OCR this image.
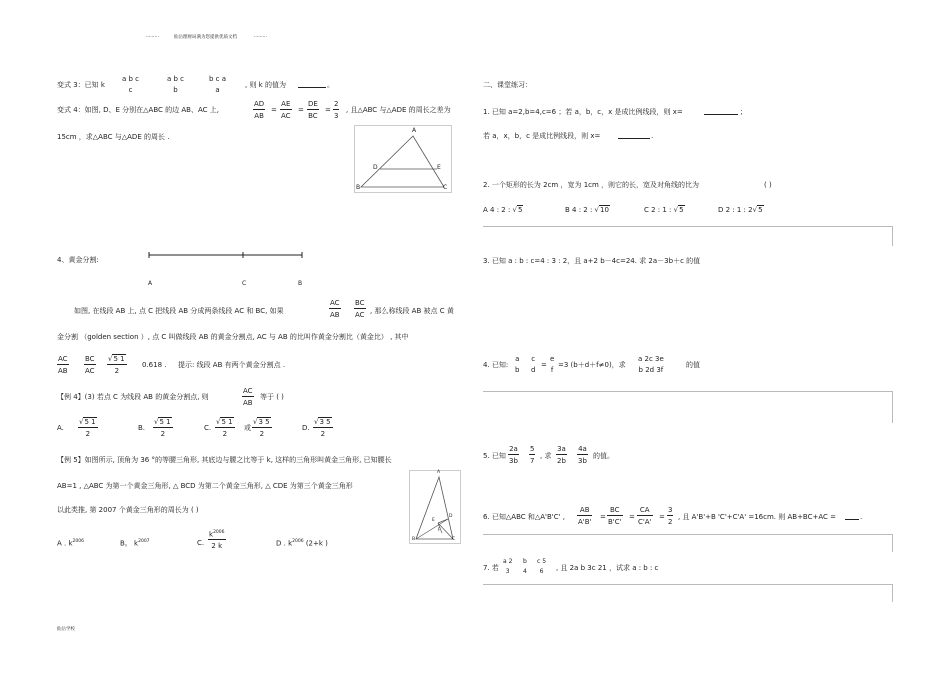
·········	仙岳理财局满为您提供优质文档	·········
变式 3：已知 k
a b c
c
a b c
b
b c a
a
, 则 k 的值为	。
变式 4：如图, D、E 分别在△ABC 的边 AB、AC 上,	$\frac{AD}{AB} = \frac{AE}{AC} = \frac{DE}{BC} = \frac{2}{3}$ , 且△ABC 与△ADE 的周长之差为
15cm ，求△ABC 与△ADE 的周长 .
A
D	E
B	C
4、黄金分割:
A	C	B
如图, 在线段 AB 上, 点 C 把线段 AB 分成两条线段 AC 和 BC, 如果	$\frac{AC}{AB} \frac{BC}{AC}$ , 那么称线段 AB 被点 C 黄
金分割 （golden section ）, 点 C 叫做线段 AB 的黄金分割点, AC 与 AB 的比叫作黄金分割比（黄金比） , 其中
$\frac{AC}{AB} \frac{BC}{AC} \frac{√5 1}{2} 0.618$ . 提示: 线段 AB 有两个黄金分割点 .
【例 4】(3) 若点 C 为线段 AB 的黄金分割点, 则	$\frac{AC}{AB}$ 等于 ( )
A. $\frac{√5 1}{2}$	B. $\frac{√5 1}{2}$	C. $\frac{√5 1}{2}$ 或 $\frac{√3 5}{2}$	D. $\frac{√3 5}{2}$
【例 5】如图所示, 顶角为 36 °的等腰三角形, 其底边与腰之比等于 k, 这样的三角形叫黄金三角形, 已知腰长
AB=1 , △ABC 为第一个黄金三角形, △ BCD 为第二个黄金三角形, △ CDE 为第三个黄金三角形
以此类推, 第 2007 个黄金三角形的周长为 ( )
A . $k^{2006}$	B。 $k^{2007}$	C. $\frac{k^{2006}}{2 k}$	D . $k^{2006}$ (2+k )
A
D
E
F
B	C
二、课堂练习：
1. 已知 a=2,b=4,c=6 ；若 a，b，c，x 是成比例线段，则 x=	；
若 a，x，b，c 是成比例线段，则 x=	.
2. 一个矩形的长为 2cm ，宽为 1cm ，则它的长，宽及对角线的比为	( )
A 4 : 2 : √5	B 4 : 2 : √10	C 2 : 1 : √5	D 2 : 1 : 2√5
3. 已知 a : b : c=4 : 3 : 2，且 a+2 b－4c=24. 求 2a－3b＋c 的值
4. 已知:
a
b
c
d
=
e
f
=3 (b＋d＋f≠0)，求
a 2c 3e
b 2d 3f
的值
5. 已知 $\frac{2a}{3b} \frac{5}{7}$ , 求 $\frac{3a}{2b} \frac{4a}{3b}$ 的值。
6. 已知△ABC 和△A'B'C' , $\frac{AB}{A'B'} = \frac{BC}{B'C'} = \frac{CA}{C'A'} = \frac{3}{2}$ , 且 A'B'+B 'C'+C'A' =16cm. 则 AB+BC+AC =	.
7. 若
a 2
3
b
4
c 5
6	, 且 2a b 3c 21 ，试求 a : b : c
仙岳学校
